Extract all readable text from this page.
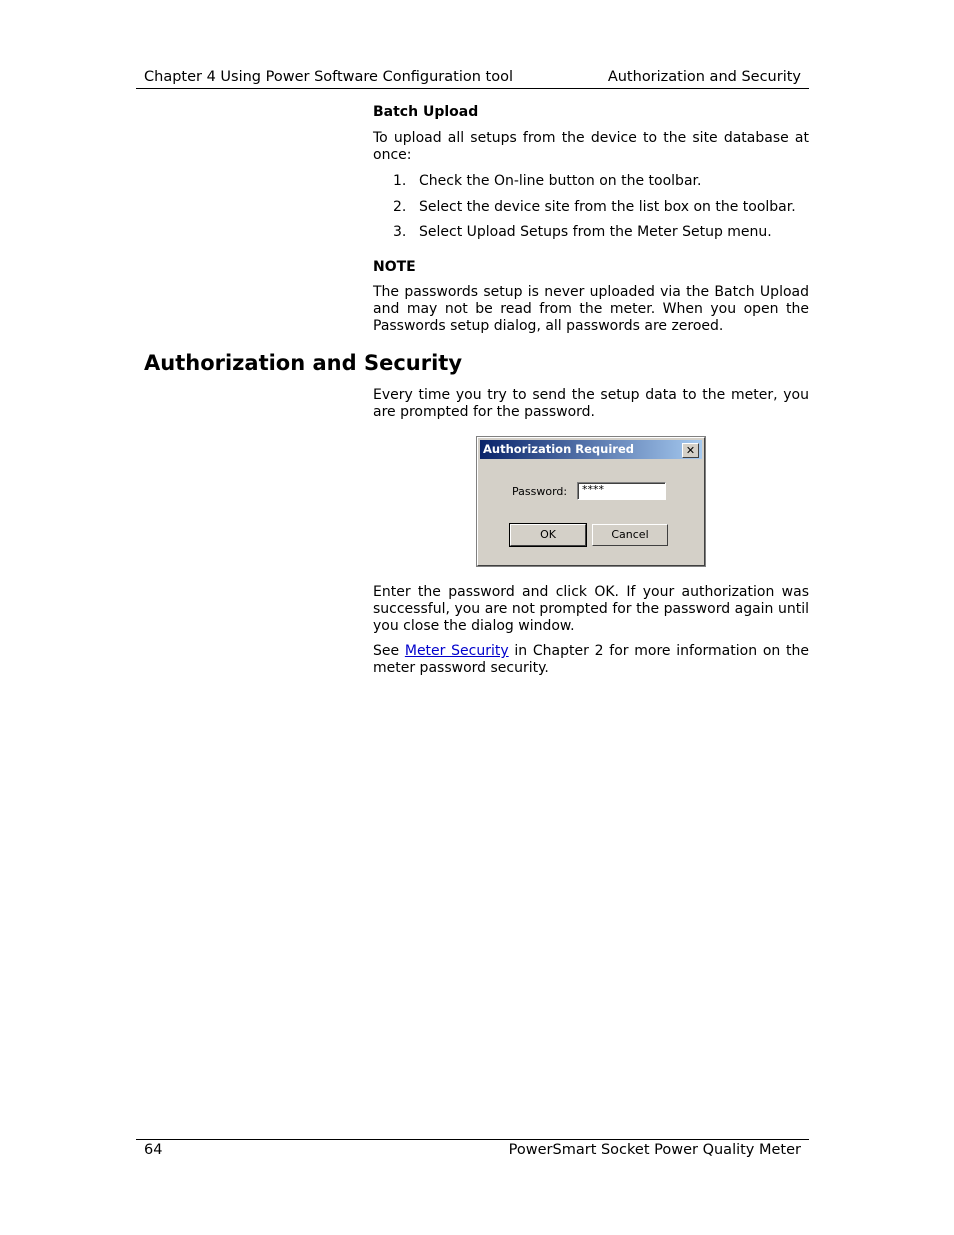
Chapter 4 Using Power Software Configuration tool	Authorization and Security
Batch Upload
To upload all setups from the device to the site database at once:
1. Check the On-line button on the toolbar.
2. Select the device site from the list box on the toolbar.
3. Select Upload Setups from the Meter Setup menu.
NOTE
The passwords setup is never uploaded via the Batch Upload and may not be read from the meter. When you open the Passwords setup dialog, all passwords are zeroed.
Authorization and Security
Every time you try to send the setup data to the meter, you are prompted for the password.
Authorization Required	✕
Password:	****
OK	Cancel
Enter the password and click OK. If your authorization was successful, you are not prompted for the password again until you close the dialog window.
See Meter Security in Chapter 2 for more information on the meter password security.
64	PowerSmart Socket Power Quality Meter
